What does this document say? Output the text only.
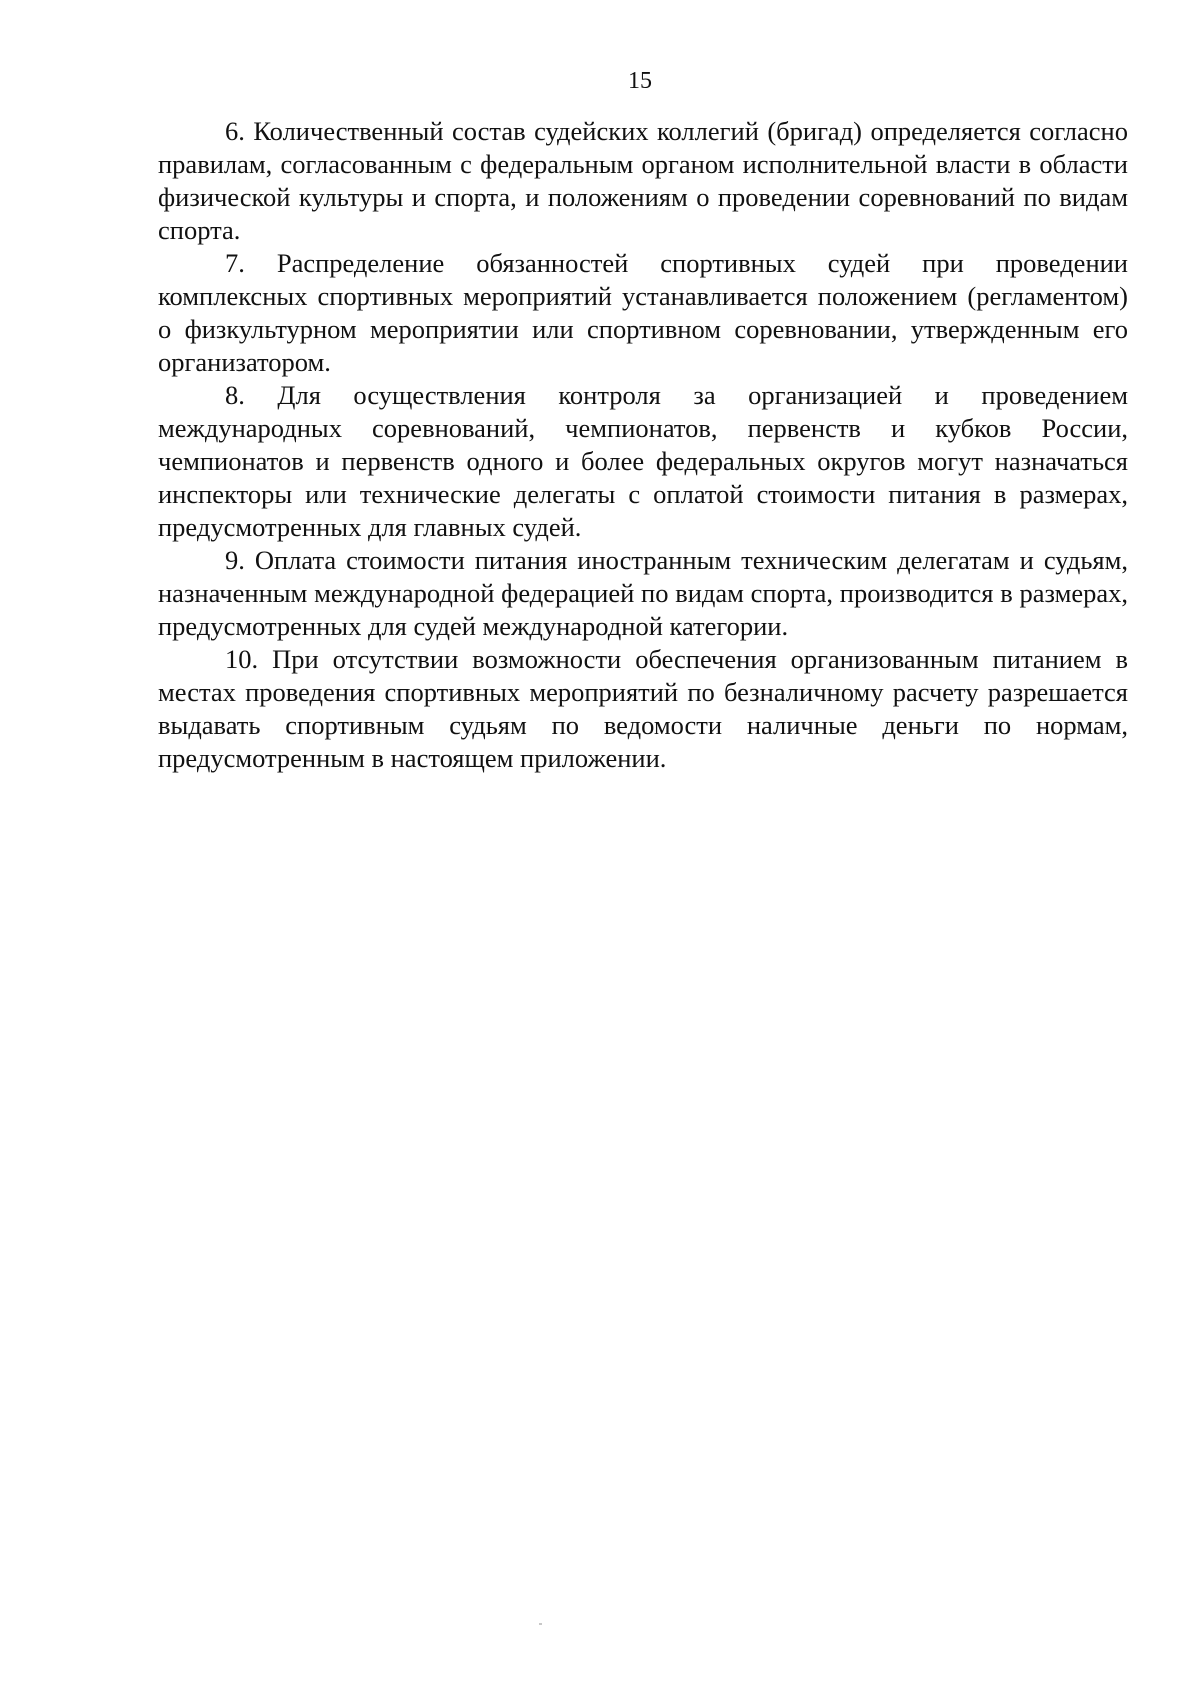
15

6. Количественный состав судейских коллегий (бригад) определяется согласно правилам, согласованным с федеральным органом исполнительной власти в области физической культуры и спорта, и положениям о проведении соревнований по видам спорта.

7. Распределение обязанностей спортивных судей при проведении комплексных спортивных мероприятий устанавливается положением (регламентом) о физкультурном мероприятии или спортивном соревновании, утвержденным его организатором.

8. Для осуществления контроля за организацией и проведением международных соревнований, чемпионатов, первенств и кубков России, чемпионатов и первенств одного и более федеральных округов могут назначаться инспекторы или технические делегаты с оплатой стоимости питания в размерах, предусмотренных для главных судей.

9. Оплата стоимости питания иностранным техническим делегатам и судьям, назначенным международной федерацией по видам спорта, производится в размерах, предусмотренных для судей международной категории.

10. При отсутствии возможности обеспечения организованным питанием в местах проведения спортивных мероприятий по безналичному расчету разрешается выдавать спортивным судьям по ведомости наличные деньги по нормам, предусмотренным в настоящем приложении.
